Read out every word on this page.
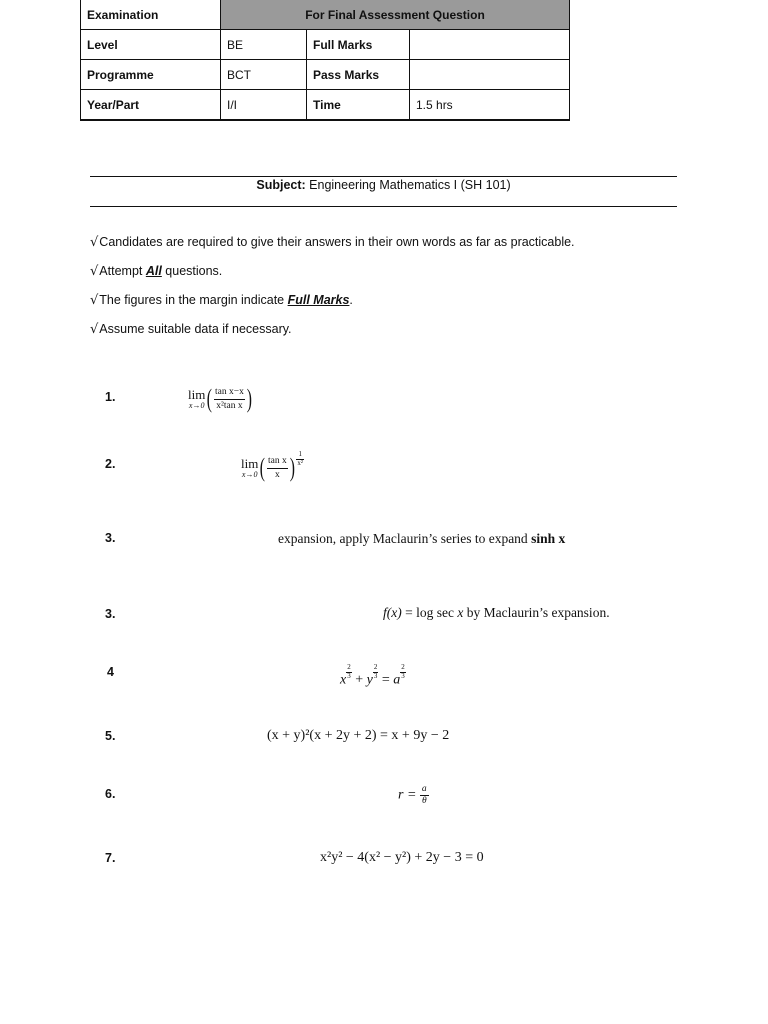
Examination	For Final Assessment Question		
Level	BE	Full Marks	
Programme	BCT	Pass Marks	
Year/Part	I/I	Time	1.5 hrs
Subject: Engineering Mathematics I (SH 101)
√Candidates are required to give their answers in their own words as far as practicable.
√Attempt All questions.
√The figures in the margin indicate Full Marks.
√Assume suitable data if necessary.
1.	lim
x→0 ( $\frac{\text{tan x−x}}{\text{x²tan x}}$ )
2.	lim
x→0 ( $\frac{\text{tan x}}{x}$ ) $\frac{1}{\text{x²}}$
3.	expansion, apply Maclaurin’s series to expand sinh x
3.	f(x) = log sec x by Maclaurin’s expansion.
4
x $\frac{2}{3} + y \frac{2}{3} = a \frac{2}{3}$
5.	(x + y)²(x + 2y + 2) = x + 9y − 2
6.	$r = \frac{a}{\theta}$
7.	x²y² − 4(x² − y²) + 2y − 3 = 0
